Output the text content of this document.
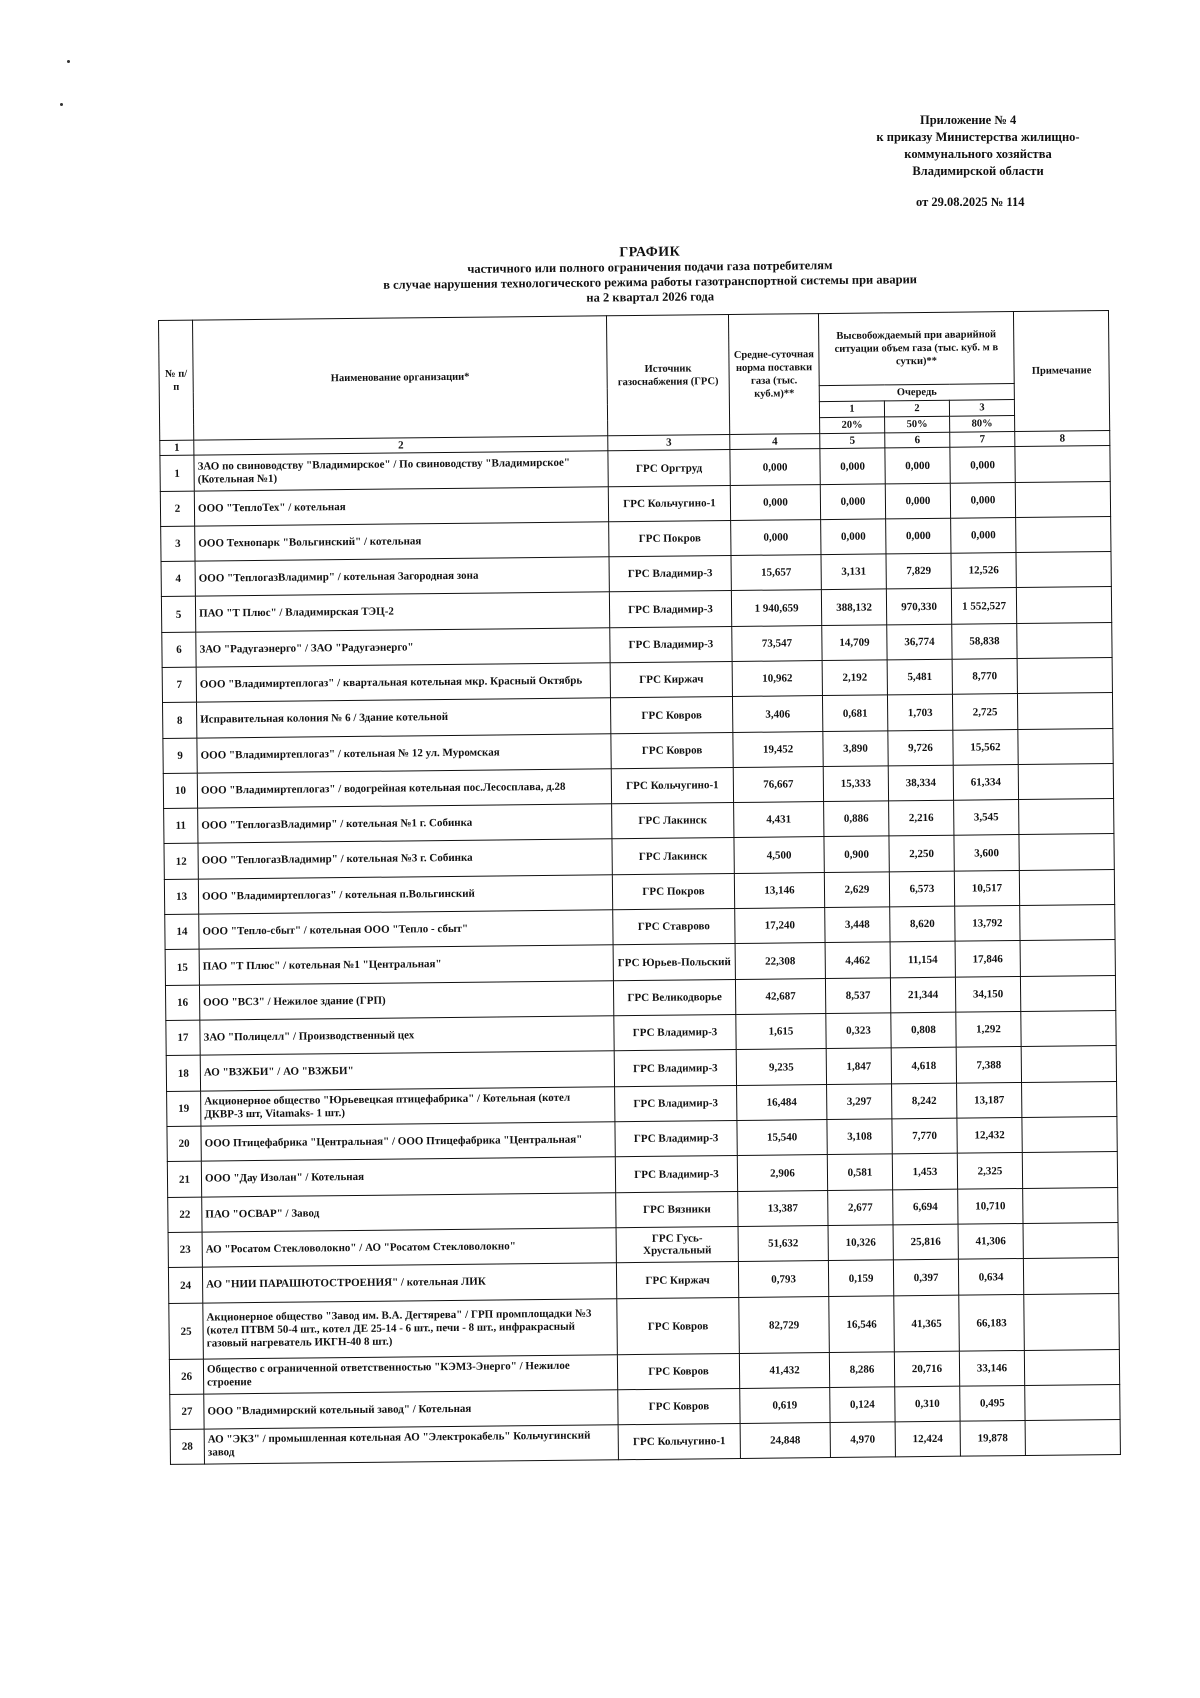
Приложение № 4
к приказу Министерства жилищно-
коммунального хозяйства
Владимирской области
от 29.08.2025 № 114
ГРАФИК
частичного или полного ограничения подачи газа потребителям
в случае нарушения технологического режима работы газотранспортной системы при аварии
на 2 квартал 2026 года
№ п/п	Наименование организации*	Источник газоснабжения (ГРС)	Средне-суточная норма поставки газа (тыс. куб.м)**	Высвобождаемый при аварийной ситуации объем газа (тыс. куб. м в сутки)**			Примечание
				Очередь			
				1	2	3	
				20%	50%	80%	
1	2	3	4	5	6	7	8
1	ЗАО по свиноводству "Владимирское" / По свиноводству "Владимирское" (Котельная №1)	ГРС Оргтруд	0,000	0,000	0,000	0,000	
2	ООО "ТеплоТех" / котельная	ГРС Кольчугино-1	0,000	0,000	0,000	0,000	
3	ООО Технопарк "Вольгинский" / котельная	ГРС Покров	0,000	0,000	0,000	0,000	
4	ООО "ТеплогазВладимир" / котельная Загородная зона	ГРС Владимир-3	15,657	3,131	7,829	12,526	
5	ПАО "Т Плюс" / Владимирская ТЭЦ-2	ГРС Владимир-3	1 940,659	388,132	970,330	1 552,527	
6	ЗАО "Радугаэнерго" / ЗАО "Радугаэнерго"	ГРС Владимир-3	73,547	14,709	36,774	58,838	
7	ООО "Владимиртеплогаз" / квартальная котельная мкр. Красный Октябрь	ГРС Киржач	10,962	2,192	5,481	8,770	
8	Исправительная колония № 6 / Здание котельной	ГРС Ковров	3,406	0,681	1,703	2,725	
9	ООО "Владимиртеплогаз" / котельная № 12 ул. Муромская	ГРС Ковров	19,452	3,890	9,726	15,562	
10	ООО "Владимиртеплогаз" / водогрейная котельная пос.Лесосплава, д.28	ГРС Кольчугино-1	76,667	15,333	38,334	61,334	
11	ООО "ТеплогазВладимир" / котельная №1 г. Собинка	ГРС Лакинск	4,431	0,886	2,216	3,545	
12	ООО "ТеплогазВладимир" / котельная №3 г. Собинка	ГРС Лакинск	4,500	0,900	2,250	3,600	
13	ООО "Владимиртеплогаз" / котельная п.Вольгинский	ГРС Покров	13,146	2,629	6,573	10,517	
14	ООО "Тепло-сбыт" / котельная ООО "Тепло - сбыт"	ГРС Ставрово	17,240	3,448	8,620	13,792	
15	ПАО "Т Плюс" / котельная №1 "Центральная"	ГРС Юрьев-Польский	22,308	4,462	11,154	17,846	
16	ООО "ВСЗ" / Нежилое здание (ГРП)	ГРС Великодворье	42,687	8,537	21,344	34,150	
17	ЗАО "Полицелл" / Производственный цех	ГРС Владимир-3	1,615	0,323	0,808	1,292	
18	АО "ВЗЖБИ" / АО "ВЗЖБИ"	ГРС Владимир-3	9,235	1,847	4,618	7,388	
19	Акционерное общество "Юрьевецкая птицефабрика" / Котельная (котел ДКВР-3 шт, Vitamaks- 1 шт.)	ГРС Владимир-3	16,484	3,297	8,242	13,187	
20	ООО Птицефабрика "Центральная" / ООО Птицефабрика "Центральная"	ГРС Владимир-3	15,540	3,108	7,770	12,432	
21	ООО "Дау Изолан" / Котельная	ГРС Владимир-3	2,906	0,581	1,453	2,325	
22	ПАО "ОСВАР" / Завод	ГРС Вязники	13,387	2,677	6,694	10,710	
23	АО "Росатом Стекловолокно" / АО "Росатом Стекловолокно"	ГРС Гусь-Хрустальный	51,632	10,326	25,816	41,306	
24	АО "НИИ ПАРАШЮТОСТРОЕНИЯ" / котельная ЛИК	ГРС Киржач	0,793	0,159	0,397	0,634	
25	Акционерное общество "Завод им. В.А. Дегтярева" / ГРП промплощадки №3 (котел ПТВМ 50-4 шт., котел ДЕ 25-14 - 6 шт., печи - 8 шт., инфракрасный газовый нагреватель ИКГН-40 8 шт.)	ГРС Ковров	82,729	16,546	41,365	66,183	
26	Общество с ограниченной ответственностью "КЭМЗ-Энерго" / Нежилое строение	ГРС Ковров	41,432	8,286	20,716	33,146	
27	ООО "Владимирский котельный завод" / Котельная	ГРС Ковров	0,619	0,124	0,310	0,495	
28	АО "ЭКЗ" / промышленная котельная АО "Электрокабель" Кольчугинский завод	ГРС Кольчугино-1	24,848	4,970	12,424	19,878	
